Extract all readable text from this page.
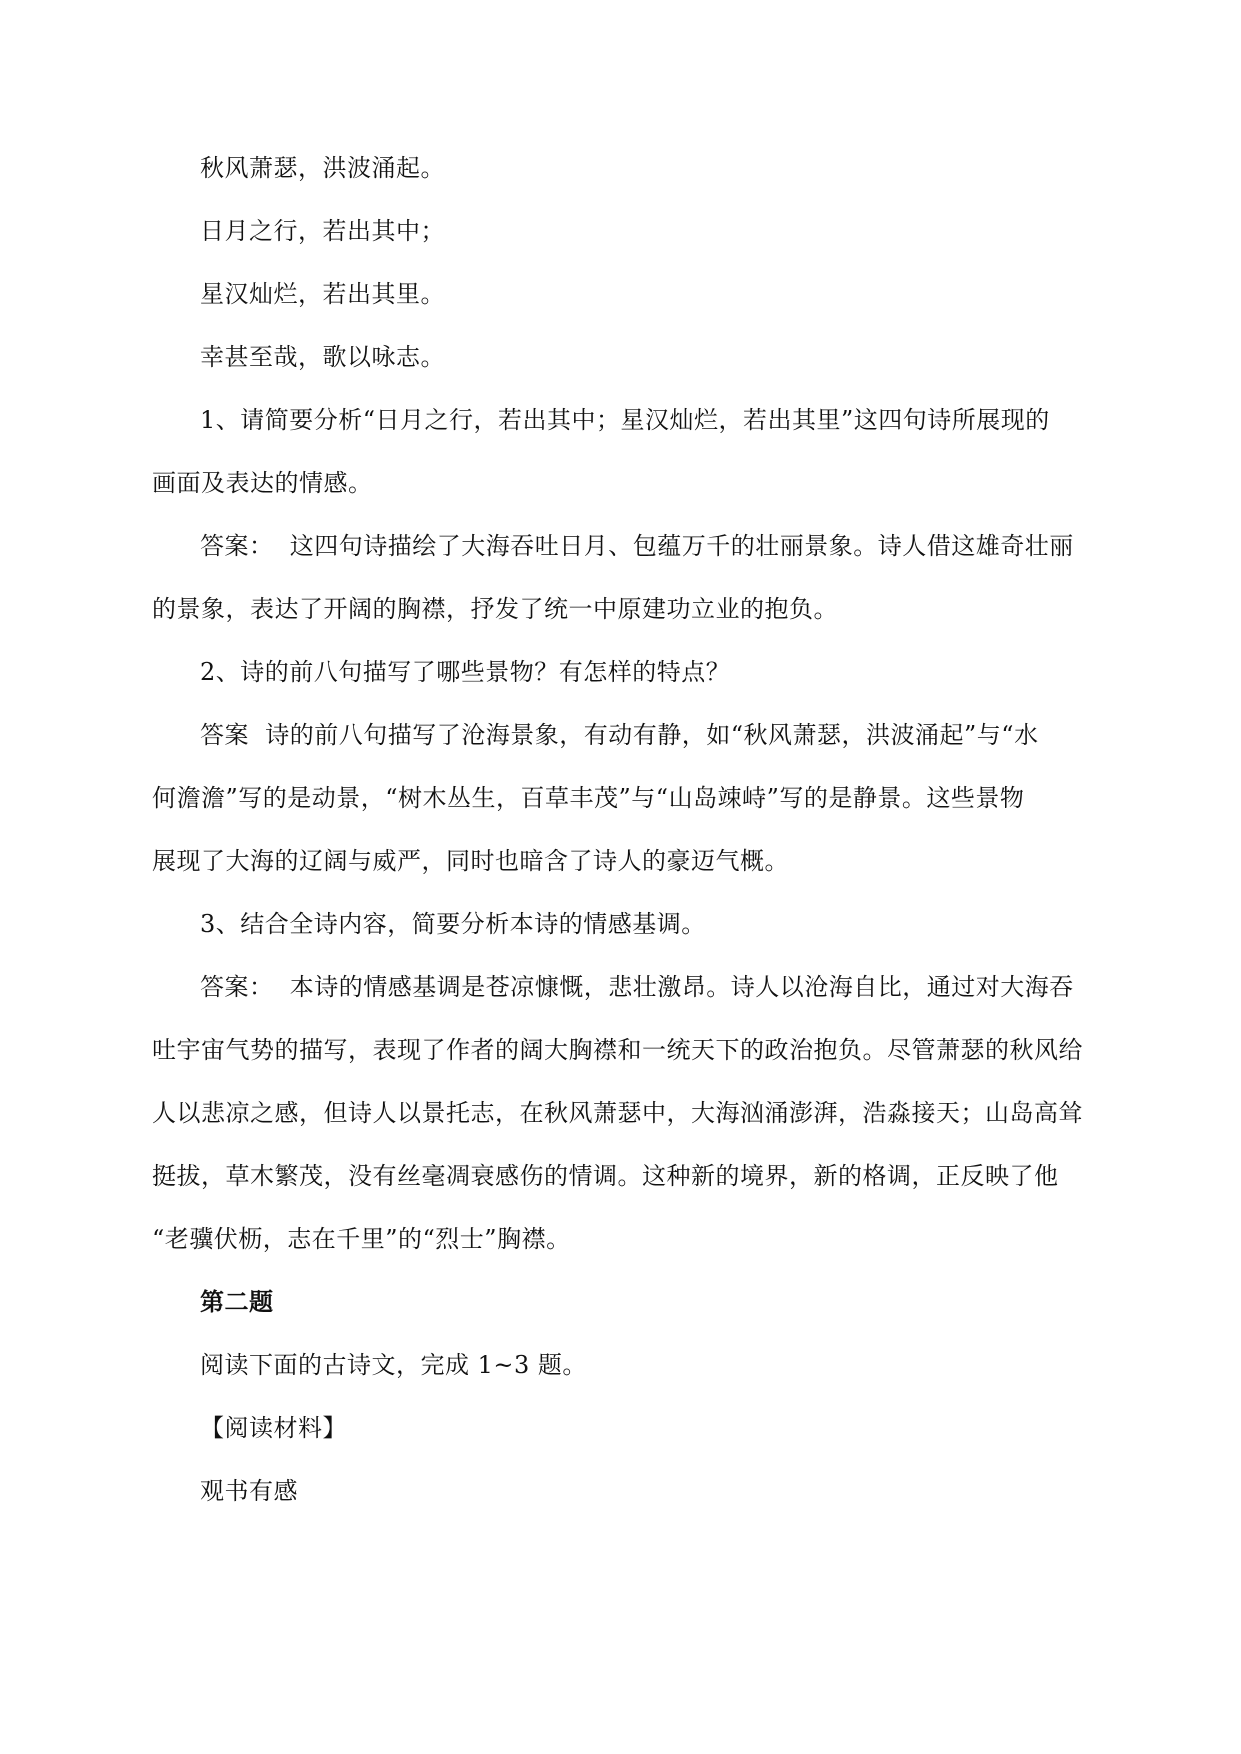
秋风萧瑟，洪波涌起。
日月之行，若出其中；
星汉灿烂，若出其里。
幸甚至哉，歌以咏志。
1、请简要分析“日月之行，若出其中；星汉灿烂，若出其里”这四句诗所展现的
画面及表达的情感。
答案：  这四句诗描绘了大海吞吐日月、包蕴万千的壮丽景象。诗人借这雄奇壮丽
的景象，表达了开阔的胸襟，抒发了统一中原建功立业的抱负。
2、诗的前八句描写了哪些景物？有怎样的特点？
答案  诗的前八句描写了沧海景象，有动有静，如“秋风萧瑟，洪波涌起”与“水
何澹澹”写的是动景，“树木丛生，百草丰茂”与“山岛竦峙”写的是静景。这些景物
展现了大海的辽阔与威严，同时也暗含了诗人的豪迈气概。
3、结合全诗内容，简要分析本诗的情感基调。
答案：  本诗的情感基调是苍凉慷慨，悲壮激昂。诗人以沧海自比，通过对大海吞
吐宇宙气势的描写，表现了作者的阔大胸襟和一统天下的政治抱负。尽管萧瑟的秋风给
人以悲凉之感，但诗人以景托志，在秋风萧瑟中，大海汹涌澎湃，浩淼接天；山岛高耸
挺拔，草木繁茂，没有丝毫凋衰感伤的情调。这种新的境界，新的格调，正反映了他
“老骥伏枥，志在千里”的“烈士”胸襟。
第二题
阅读下面的古诗文，完成 1~3 题。
【阅读材料】
观书有感
